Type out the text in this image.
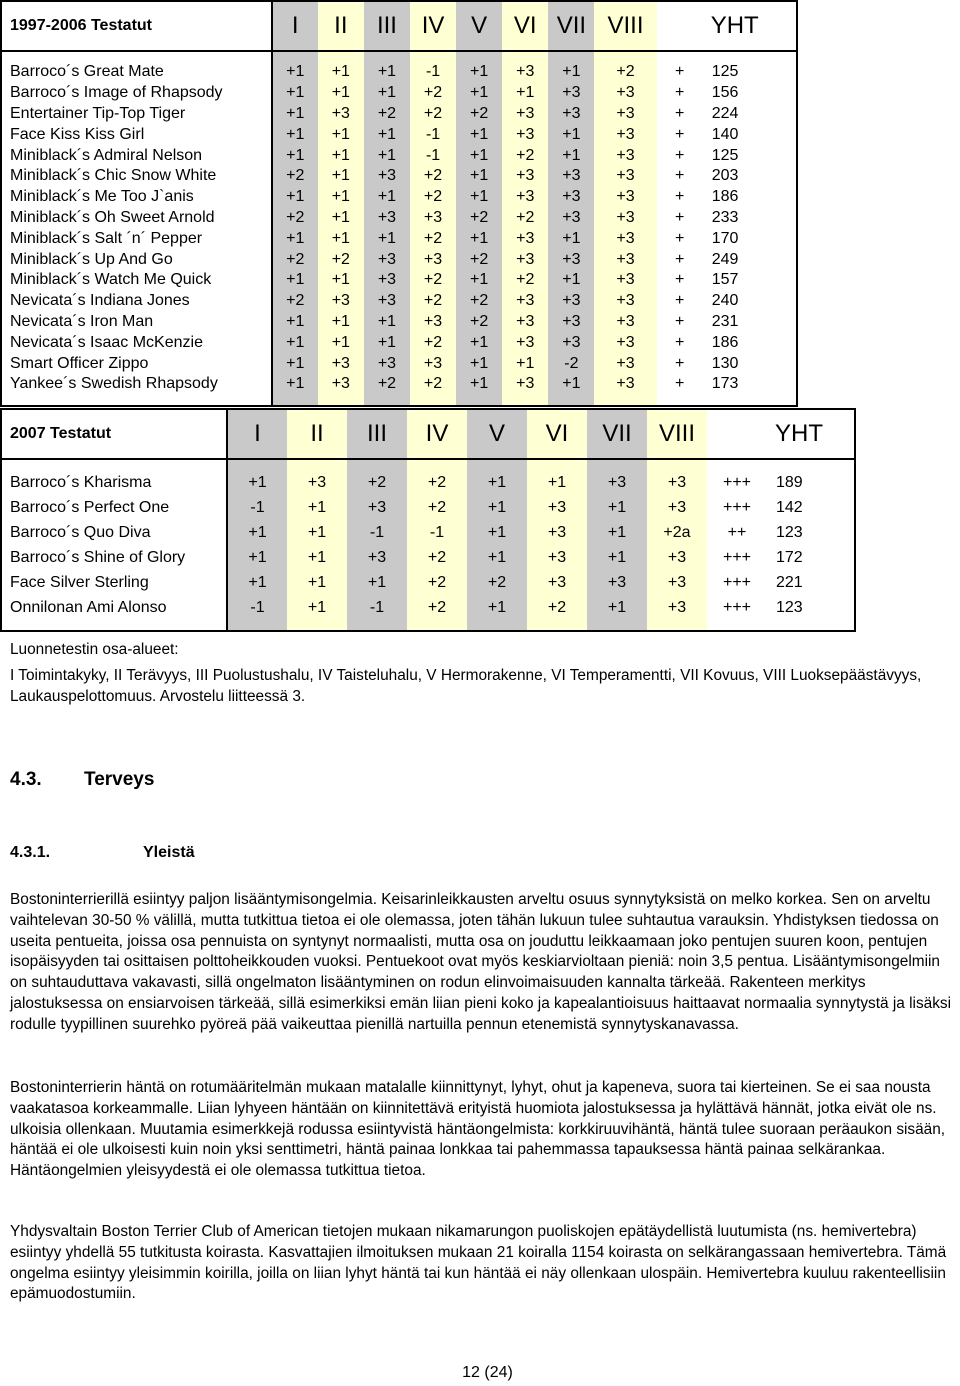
1997-2006 Testatut	I	II	III	IV	V	VI	VII	VIII		YHT

Barroco´s Great Mate	+1	+1	+1	-1	+1	+3	+1	+2	+	125
Barroco´s Image of Rhapsody	+1	+1	+1	+2	+1	+1	+3	+3	+	156
Entertainer Tip-Top Tiger	+1	+3	+2	+2	+2	+3	+3	+3	+	224
Face Kiss Kiss Girl	+1	+1	+1	-1	+1	+3	+1	+3	+	140
Miniblack´s Admiral Nelson	+1	+1	+1	-1	+1	+2	+1	+3	+	125
Miniblack´s Chic Snow White	+2	+1	+3	+2	+1	+3	+3	+3	+	203
Miniblack´s Me Too J`anis	+1	+1	+1	+2	+1	+3	+3	+3	+	186
Miniblack´s Oh Sweet Arnold	+2	+1	+3	+3	+2	+2	+3	+3	+	233
Miniblack´s Salt ´n´ Pepper	+1	+1	+1	+2	+1	+3	+1	+3	+	170
Miniblack´s Up And Go	+2	+2	+3	+3	+2	+3	+3	+3	+	249
Miniblack´s Watch Me Quick	+1	+1	+3	+2	+1	+2	+1	+3	+	157
Nevicata´s Indiana Jones	+2	+3	+3	+2	+2	+3	+3	+3	+	240
Nevicata´s Iron Man	+1	+1	+1	+3	+2	+3	+3	+3	+	231
Nevicata´s Isaac McKenzie	+1	+1	+1	+2	+1	+3	+3	+3	+	186
Smart Officer Zippo	+1	+3	+3	+3	+1	+1	-2	+3	+	130
Yankee´s Swedish Rhapsody	+1	+3	+2	+2	+1	+3	+1	+3	+	173

2007 Testatut	I	II	III	IV	V	VI	VII	VIII		YHT

Barroco´s Kharisma	+1	+3	+2	+2	+1	+1	+3	+3	+++	189
Barroco´s Perfect One	-1	+1	+3	+2	+1	+3	+1	+3	+++	142
Barroco´s Quo Diva	+1	+1	-1	-1	+1	+3	+1	+2a	++	123
Barroco´s Shine of Glory	+1	+1	+3	+2	+1	+3	+1	+3	+++	172
Face Silver Sterling	+1	+1	+1	+2	+2	+3	+3	+3	+++	221
Onnilonan Ami Alonso	-1	+1	-1	+2	+1	+2	+1	+3	+++	123

Luonnetestin osa-alueet:
I Toimintakyky, II Terävyys, III Puolustushalu, IV Taisteluhalu, V Hermorakenne, VI Temperamentti, VII Kovuus, VIII Luoksepäästävyys, Laukauspelottomuus. Arvostelu liitteessä 3.
4.3. Terveys
4.3.1.	Yleistä
Bostoninterrierillä esiintyy paljon lisääntymisongelmia. Keisarinleikkausten arveltu osuus synnytyksistä on melko korkea. Sen on arveltu vaihtelevan 30-50 % välillä, mutta tutkittua tietoa ei ole olemassa, joten tähän lukuun tulee suhtautua varauksin. Yhdistyksen tiedossa on useita pentueita, joissa osa pennuista on syntynyt normaalisti, mutta osa on jouduttu leikkaamaan joko pentujen suuren koon, pentujen isopäisyyden tai osittaisen polttoheikkouden vuoksi. Pentuekoot ovat myös keskiarvioltaan pieniä: noin 3,5 pentua. Lisääntymisongelmiin on suhtauduttava vakavasti, sillä ongelmaton lisääntyminen on rodun elinvoimaisuuden kannalta tärkeää. Rakenteen merkitys jalostuksessa on ensiarvoisen tärkeää, sillä esimerkiksi emän liian pieni koko ja kapealantioisuus haittaavat normaalia synnytystä ja lisäksi rodulle tyypillinen suurehko pyöreä pää vaikeuttaa pienillä nartuilla pennun etenemistä synnytyskanavassa.
Bostoninterrierin häntä on rotumääritelmän mukaan matalalle kiinnittynyt, lyhyt, ohut ja kapeneva, suora tai kierteinen. Se ei saa nousta vaakatasoa korkeammalle. Liian lyhyeen häntään on kiinnitettävä erityistä huomiota jalostuksessa ja hylättävä hännät, jotka eivät ole ns. ulkoisia ollenkaan. Muutamia esimerkkejä rodussa esiintyvistä häntäongelmista: korkkiruuvihäntä, häntä tulee suoraan peräaukon sisään, häntää ei ole ulkoisesti kuin noin yksi senttimetri, häntä painaa lonkkaa tai pahemmassa tapauksessa häntä painaa selkärankaa. Häntäongelmien yleisyydestä ei ole olemassa tutkittua tietoa.
Yhdysvaltain Boston Terrier Club of American tietojen mukaan nikamarungon puoliskojen epätäydellistä luutumista (ns. hemivertebra) esiintyy yhdellä 55 tutkitusta koirasta. Kasvattajien ilmoituksen mukaan 21 koiralla 1154 koirasta on selkärangassaan hemivertebra. Tämä ongelma esiintyy yleisimmin koirilla, joilla on liian lyhyt häntä tai kun häntää ei näy ollenkaan ulospäin. Hemivertebra kuuluu rakenteellisiin epämuodostumiin.
12 (24)
